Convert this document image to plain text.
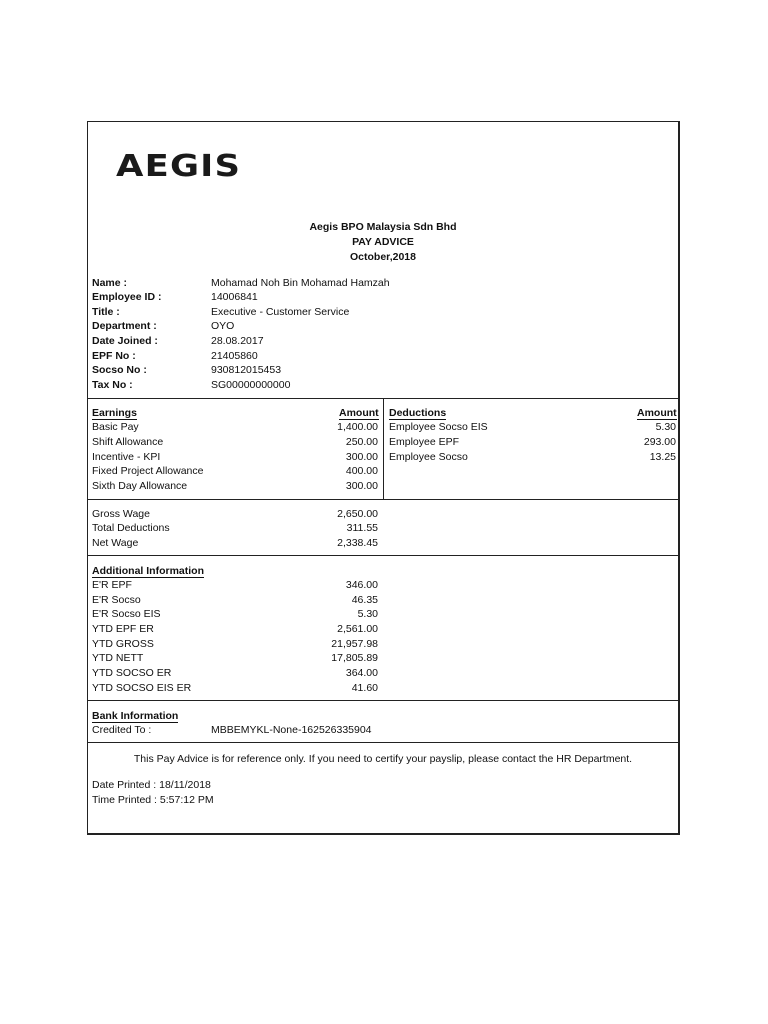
AEGIS
Aegis BPO Malaysia Sdn Bhd
PAY ADVICE
October,2018
Name :	Mohamad Noh Bin Mohamad Hamzah
Employee ID :	14006841
Title :	Executive - Customer Service
Department :	OYO
Date Joined :	28.08.2017
EPF No :	21405860
Socso No :	930812015453
Tax No :	SG00000000000
Earnings	Amount
Basic Pay	1,400.00
Shift Allowance	250.00
Incentive - KPI	300.00
Fixed Project Allowance	400.00
Sixth Day Allowance	300.00
Deductions	Amount
Employee Socso EIS	5.30
Employee EPF	293.00
Employee Socso	13.25
Gross Wage	2,650.00
Total Deductions	311.55
Net Wage	2,338.45
Additional Information
E'R EPF	346.00
E'R Socso	46.35
E'R Socso EIS	5.30
YTD EPF ER	2,561.00
YTD GROSS	21,957.98
YTD NETT	17,805.89
YTD SOCSO ER	364.00
YTD SOCSO EIS ER	41.60
Bank Information
Credited To :	MBBEMYKL-None-162526335904
This Pay Advice is for reference only. If you need to certify your payslip, please contact the HR Department.
Date Printed : 18/11/2018
Time Printed : 5:57:12 PM
